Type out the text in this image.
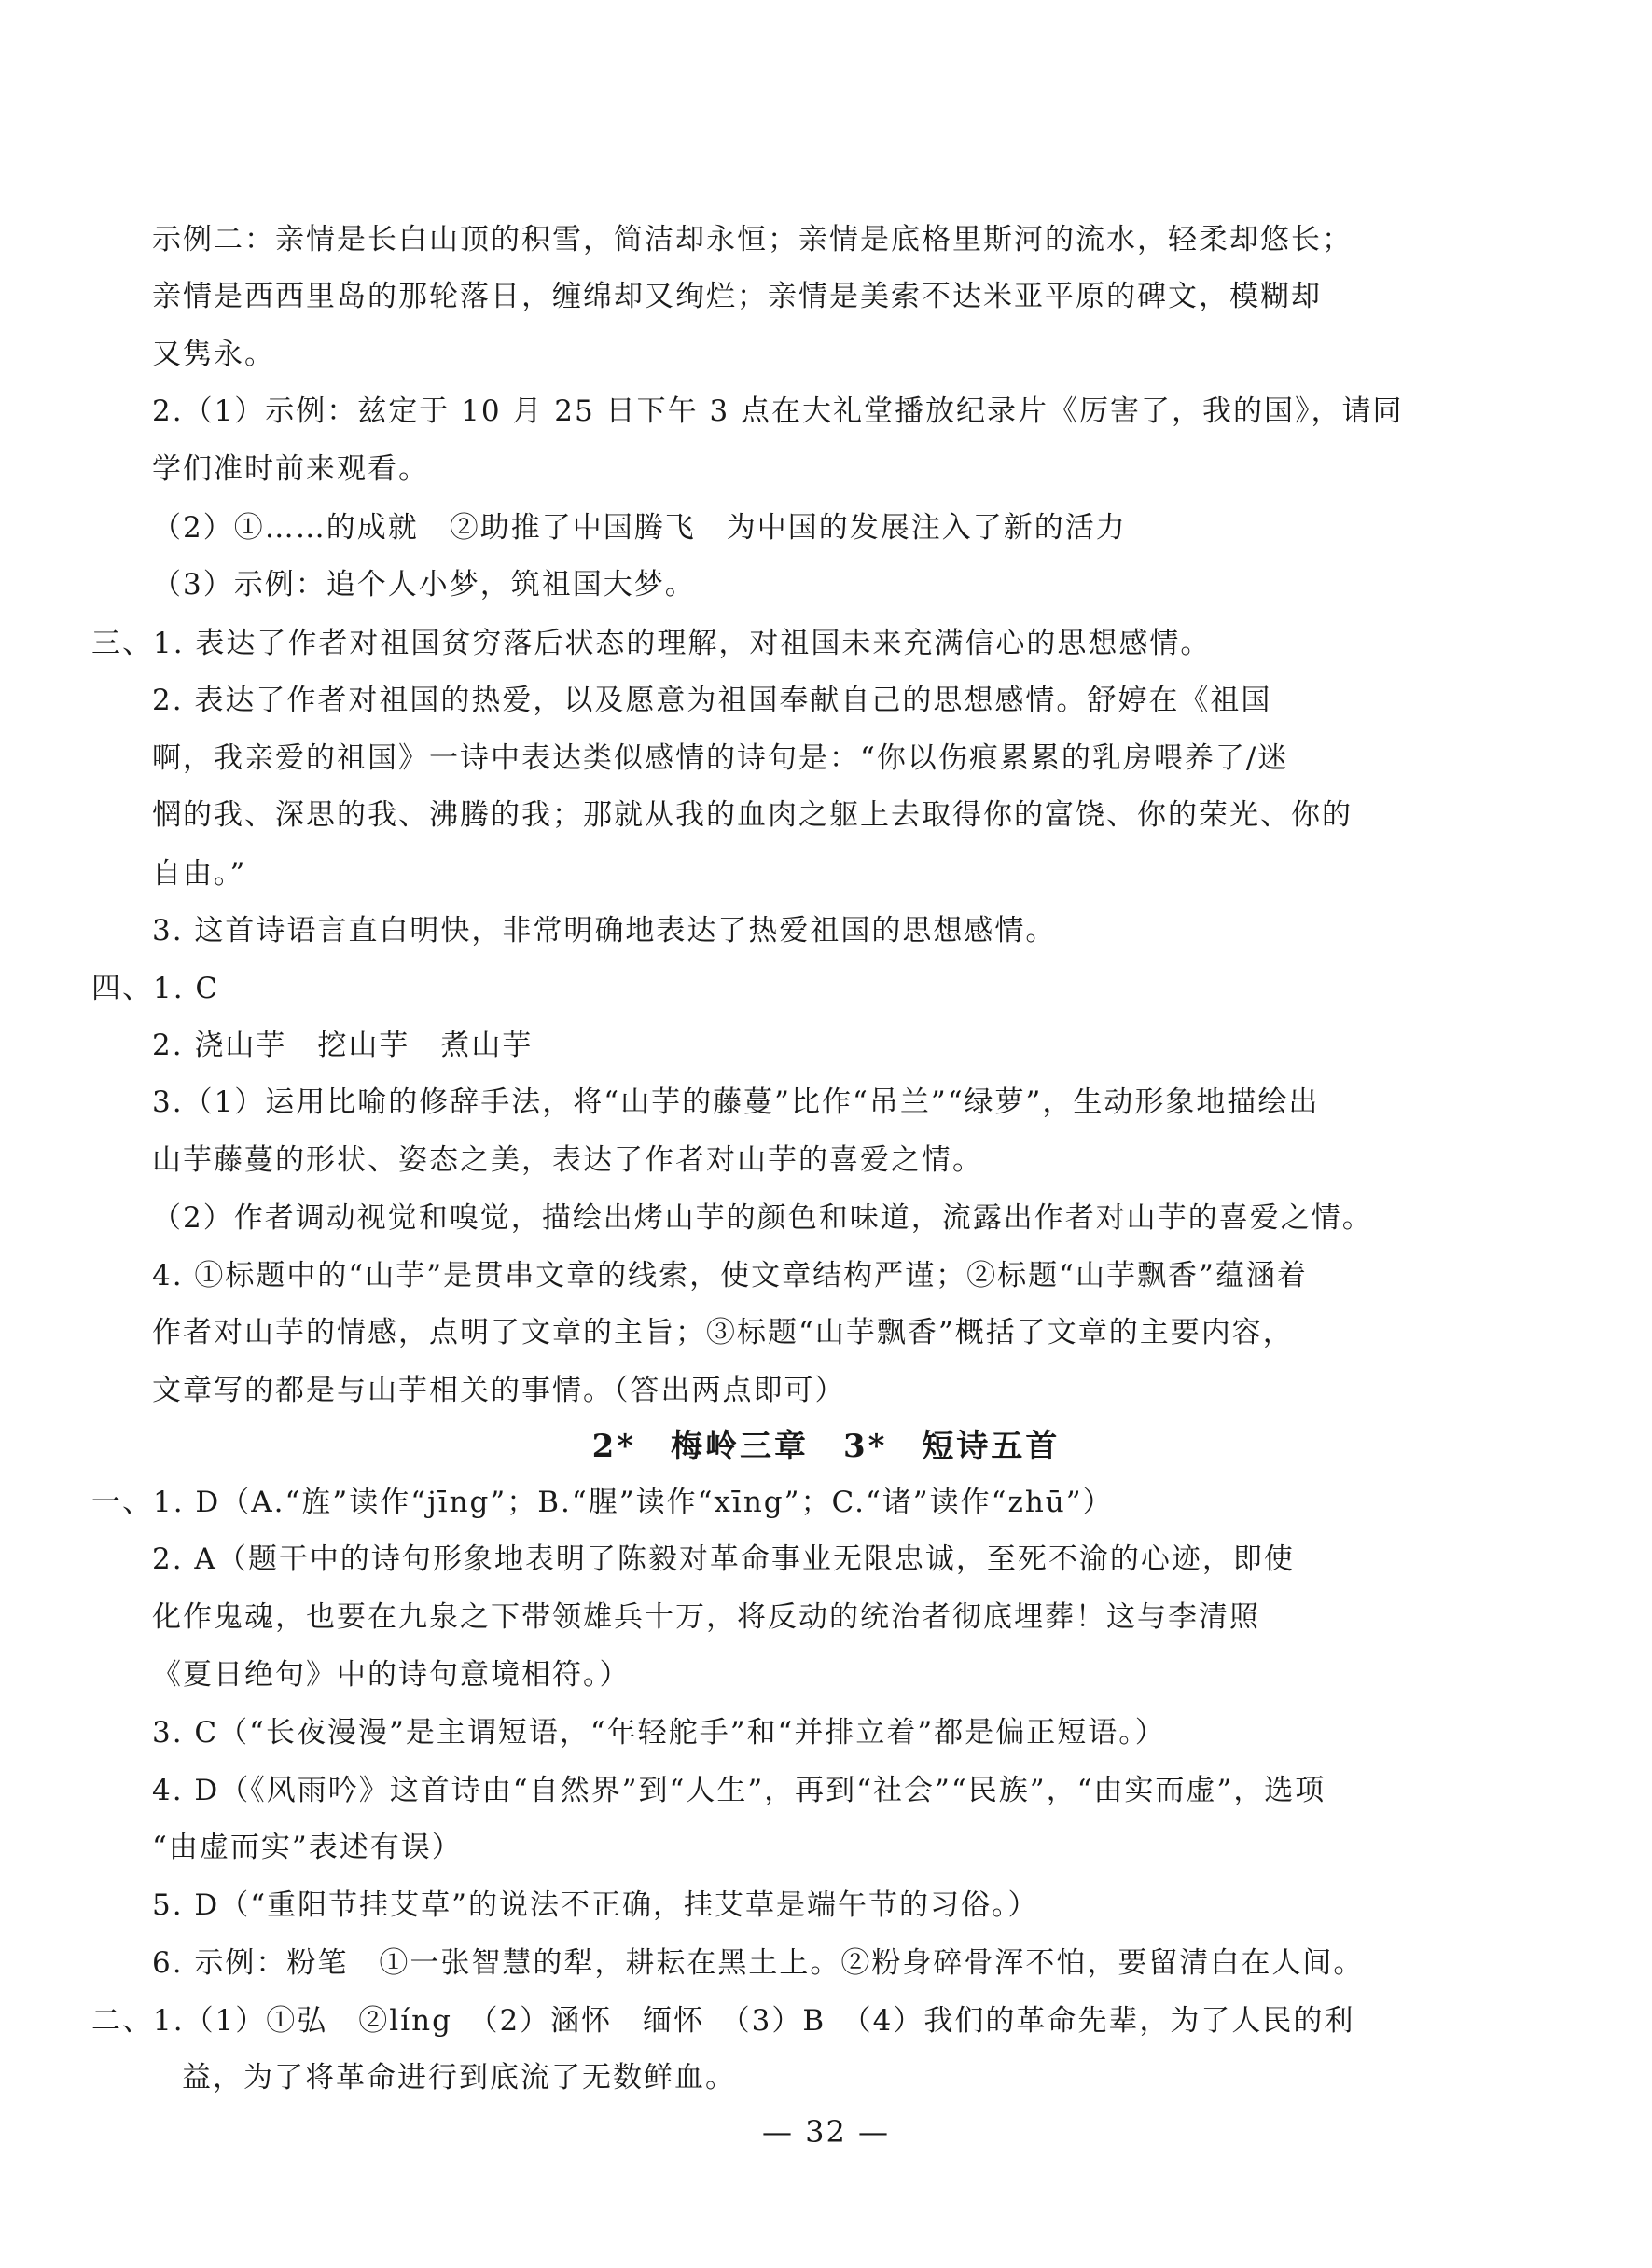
示例二：亲情是长白山顶的积雪，简洁却永恒；亲情是底格里斯河的流水，轻柔却悠长；
亲情是西西里岛的那轮落日，缠绵却又绚烂；亲情是美索不达米亚平原的碑文，模糊却
又隽永。
2.（1）示例：兹定于 10 月 25 日下午 3 点在大礼堂播放纪录片《厉害了，我的国》，请同
学们准时前来观看。
（2）①……的成就　②助推了中国腾飞　为中国的发展注入了新的活力
（3）示例：追个人小梦，筑祖国大梦。
三、1. 表达了作者对祖国贫穷落后状态的理解，对祖国未来充满信心的思想感情。
2. 表达了作者对祖国的热爱，以及愿意为祖国奉献自己的思想感情。舒婷在《祖国
啊，我亲爱的祖国》一诗中表达类似感情的诗句是：“你以伤痕累累的乳房喂养了/迷
惘的我、深思的我、沸腾的我；那就从我的血肉之躯上去取得你的富饶、你的荣光、你的
自由。”
3. 这首诗语言直白明快，非常明确地表达了热爱祖国的思想感情。
四、1. C
2. 浇山芋　挖山芋　煮山芋
3.（1）运用比喻的修辞手法，将“山芋的藤蔓”比作“吊兰”“绿萝”，生动形象地描绘出
山芋藤蔓的形状、姿态之美，表达了作者对山芋的喜爱之情。
（2）作者调动视觉和嗅觉，描绘出烤山芋的颜色和味道，流露出作者对山芋的喜爱之情。
4. ①标题中的“山芋”是贯串文章的线索，使文章结构严谨；②标题“山芋飘香”蕴涵着
作者对山芋的情感，点明了文章的主旨；③标题“山芋飘香”概括了文章的主要内容，
文章写的都是与山芋相关的事情。（答出两点即可）
2*　梅岭三章　3*　短诗五首
一、1. D（A.“旌”读作“jīng”；B.“腥”读作“xīng”；C.“诸”读作“zhū”）
2. A（题干中的诗句形象地表明了陈毅对革命事业无限忠诚，至死不渝的心迹，即使
化作鬼魂，也要在九泉之下带领雄兵十万，将反动的统治者彻底埋葬！这与李清照
《夏日绝句》中的诗句意境相符。）
3. C（“长夜漫漫”是主谓短语，“年轻舵手”和“并排立着”都是偏正短语。）
4. D（《风雨吟》这首诗由“自然界”到“人生”，再到“社会”“民族”，“由实而虚”，选项
“由虚而实”表述有误）
5. D（“重阳节挂艾草”的说法不正确，挂艾草是端午节的习俗。）
6. 示例：粉笔　①一张智慧的犁，耕耘在黑土上。②粉身碎骨浑不怕，要留清白在人间。
二、1.（1）①弘　②líng　（2）涵怀　缅怀　（3）B　（4）我们的革命先辈，为了人民的利
益，为了将革命进行到底流了无数鲜血。
— 32 —
